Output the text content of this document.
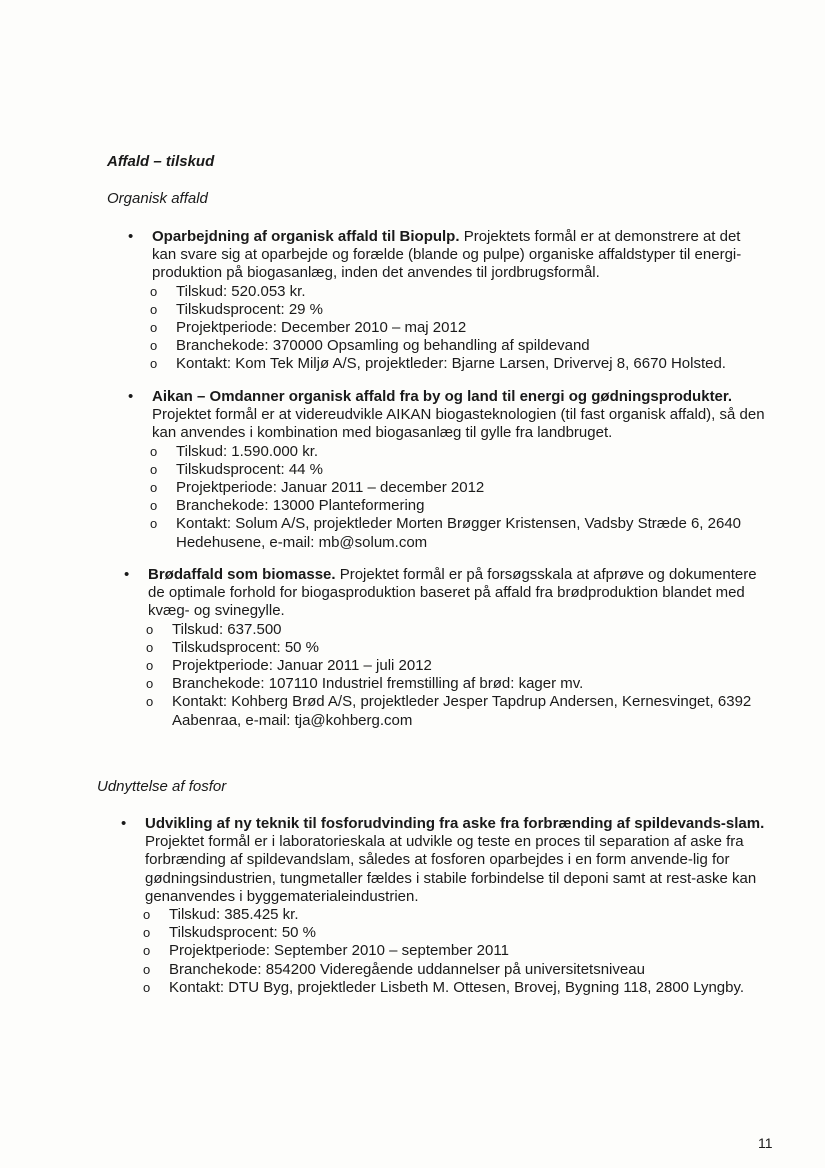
Affald – tilskud
Organisk affald

•	Oparbejdning af organisk affald til Biopulp. Projektets formål er at demonstrere at det kan svare sig at oparbejde og forælde (blande og pulpe) organiske affaldstyper til energi-produktion på biogasanlæg, inden det anvendes til jordbrugsformål.

o Tilskud: 520.053 kr.
o Tilskudsprocent: 29 %
o Projektperiode: December 2010 – maj 2012
o Branchekode: 370000 Opsamling og behandling af spildevand
o Kontakt: Kom Tek Miljø A/S, projektleder: Bjarne Larsen, Drivervej 8, 6670 Holsted.

•	Aikan – Omdanner organisk affald fra by og land til energi og gødningsprodukter. Projektet formål er at videreudvikle AIKAN biogasteknologien (til fast organisk affald), så den kan anvendes i kombination med biogasanlæg til gylle fra landbruget.

o Tilskud: 1.590.000 kr.
o Tilskudsprocent: 44 %
o Projektperiode: Januar 2011 – december 2012
o Branchekode: 13000 Planteformering
o Kontakt: Solum A/S, projektleder Morten Brøgger Kristensen, Vadsby Stræde 6, 2640 Hedehusene, e-mail: mb@solum.com

•	Brødaffald som biomasse. Projektet formål er på forsøgsskala at afprøve og dokumentere de optimale forhold for biogasproduktion baseret på affald fra brødproduktion blandet med kvæg- og svinegylle.

o Tilskud: 637.500
o Tilskudsprocent: 50 %
o Projektperiode: Januar 2011 – juli 2012
o Branchekode: 107110 Industriel fremstilling af brød: kager mv.
o Kontakt: Kohberg Brød A/S, projektleder Jesper Tapdrup Andersen, Kernesvinget, 6392 Aabenraa, e-mail: tja@kohberg.com
Udnyttelse af fosfor

•	Udvikling af ny teknik til fosforudvinding fra aske fra forbrænding af spildevands-slam. Projektet formål er i laboratorieskala at udvikle og teste en proces til separation af aske fra forbrænding af spildevandslam, således at fosforen oparbejdes i en form anvende-lig for gødningsindustrien, tungmetaller fældes i stabile forbindelse til deponi samt at rest-aske kan genanvendes i byggematerialeindustrien.

o Tilskud: 385.425 kr.
o Tilskudsprocent: 50 %
o Projektperiode: September 2010 – september 2011
o Branchekode: 854200 Videregående uddannelser på universitetsniveau
o Kontakt: DTU Byg, projektleder Lisbeth M. Ottesen, Brovej, Bygning 118, 2800 Lyngby.
11
